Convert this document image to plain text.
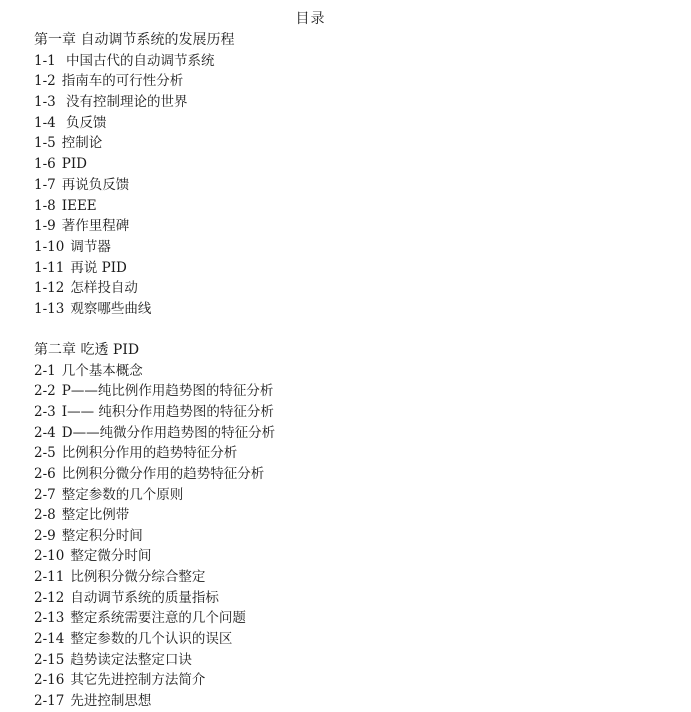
目录
第一章 自动调节系统的发展历程
1-1 中国古代的自动调节系统
1-2 指南车的可行性分析
1-3 没有控制理论的世界
1-4 负反馈
1-5 控制论
1-6 PID
1-7 再说负反馈
1-8 IEEE
1-9 著作里程碑
1-10 调节器
1-11 再说 PID
1-12 怎样投自动
1-13 观察哪些曲线
第二章 吃透 PID
2-1 几个基本概念
2-2 P——纯比例作用趋势图的特征分析
2-3 I—— 纯积分作用趋势图的特征分析
2-4 D——纯微分作用趋势图的特征分析
2-5 比例积分作用的趋势特征分析
2-6 比例积分微分作用的趋势特征分析
2-7 整定参数的几个原则
2-8 整定比例带
2-9 整定积分时间
2-10 整定微分时间
2-11 比例积分微分综合整定
2-12 自动调节系统的质量指标
2-13 整定系统需要注意的几个问题
2-14 整定参数的几个认识的误区
2-15 趋势读定法整定口诀
2-16 其它先进控制方法简介
2-17 先进控制思想
